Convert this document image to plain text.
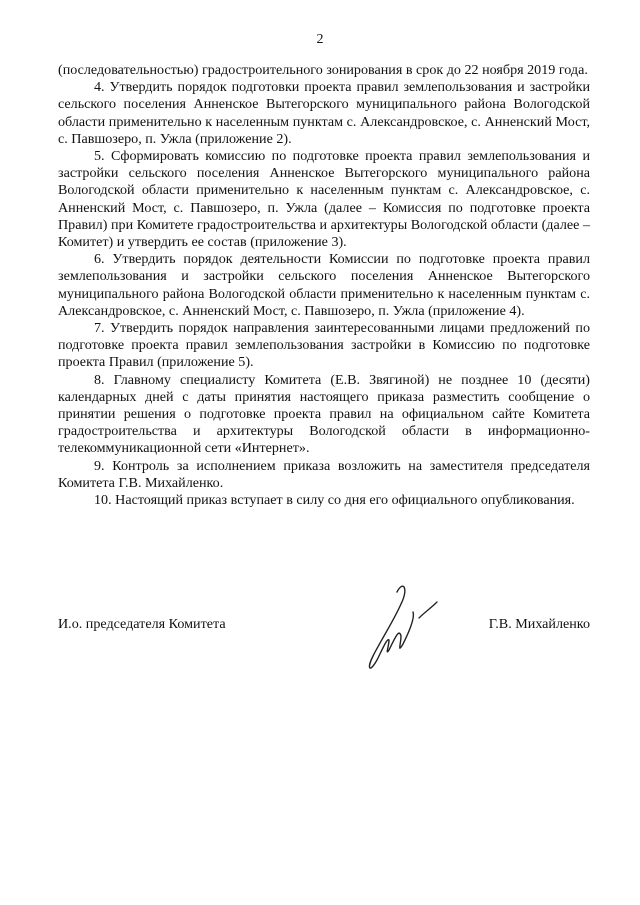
2

(последовательностью) градостроительного зонирования в срок до 22 ноября 2019 года.

4. Утвердить порядок подготовки проекта правил землепользования и застройки сельского поселения Анненское Вытегорского муниципального района Вологодской области применительно к населенным пунктам с. Александровское, с. Анненский Мост, с. Павшозеро, п. Ужла (приложение 2).

5. Сформировать комиссию по подготовке проекта правил землепользования и застройки сельского поселения Анненское Вытегорского муниципального района Вологодской области применительно к населенным пунктам с. Александровское, с. Анненский Мост, с. Павшозеро, п. Ужла (далее – Комиссия по подготовке проекта Правил) при Комитете градостроительства и архитектуры Вологодской области (далее – Комитет) и утвердить ее состав (приложение 3).

6. Утвердить порядок деятельности Комиссии по подготовке проекта правил землепользования и застройки сельского поселения Анненское Вытегорского муниципального района Вологодской области применительно к населенным пунктам с. Александровское, с. Анненский Мост, с. Павшозеро, п. Ужла (приложение 4).

7. Утвердить порядок направления заинтересованными лицами предложений по подготовке проекта правил землепользования застройки в Комиссию по подготовке проекта Правил (приложение 5).

8. Главному специалисту Комитета (Е.В. Звягиной) не позднее 10 (десяти) календарных дней с даты принятия настоящего приказа разместить сообщение о принятии решения о подготовке проекта правил на официальном сайте Комитета градостроительства и архитектуры Вологодской области в информационно-телекоммуникационной сети «Интернет».

9. Контроль за исполнением приказа возложить на заместителя председателя Комитета Г.В. Михайленко.

10. Настоящий приказ вступает в силу со дня его официального опубликования.

И.о. председателя Комитета	Г.В. Михайленко
